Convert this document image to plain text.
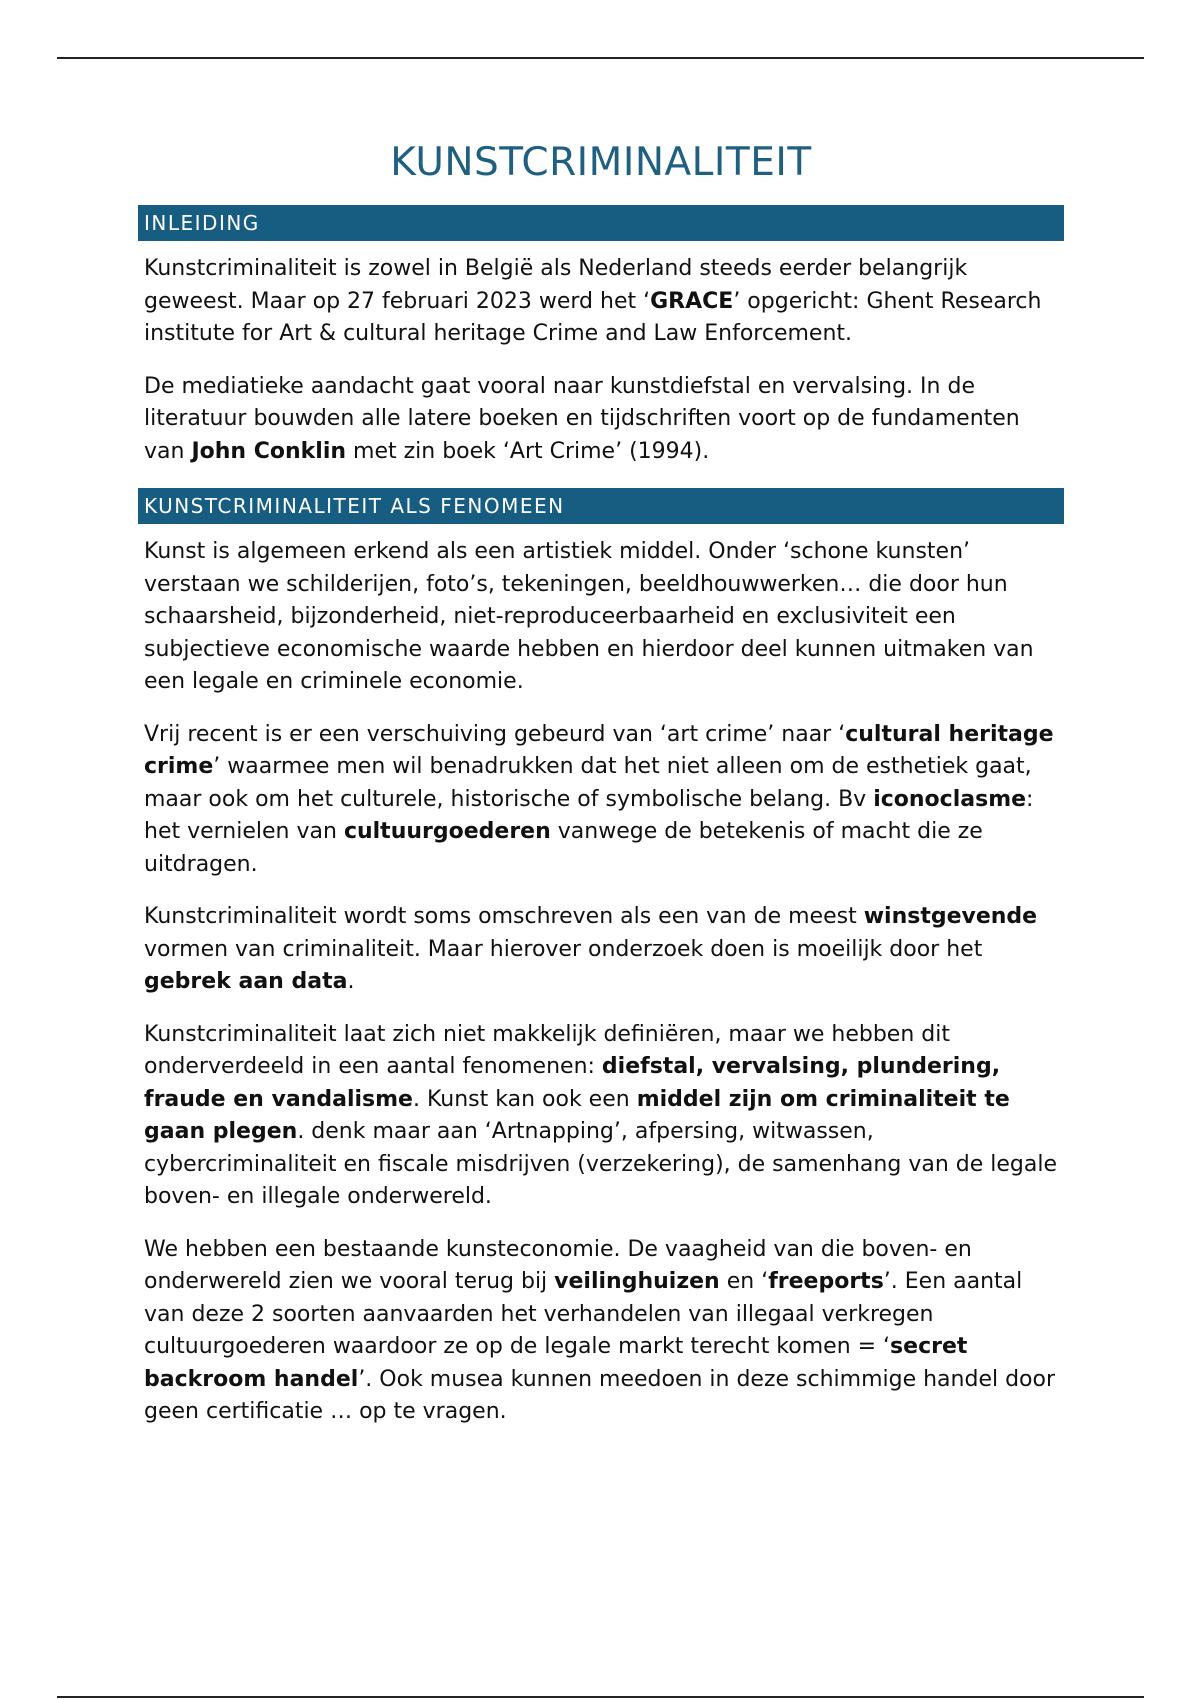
KUNSTCRIMINALITEIT
INLEIDING

Kunstcriminaliteit is zowel in België als Nederland steeds eerder belangrijk geweest. Maar op 27 februari 2023 werd het ‘GRACE’ opgericht: Ghent Research institute for Art & cultural heritage Crime and Law Enforcement.

De mediatieke aandacht gaat vooral naar kunstdiefstal en vervalsing. In de literatuur bouwden alle latere boeken en tijdschriften voort op de fundamenten van John Conklin met zin boek ‘Art Crime’ (1994).

KUNSTCRIMINALITEIT ALS FENOMEEN

Kunst is algemeen erkend als een artistiek middel. Onder ‘schone kunsten’ verstaan we schilderijen, foto’s, tekeningen, beeldhouwwerken… die door hun schaarsheid, bijzonderheid, niet-reproduceerbaarheid en exclusiviteit een subjectieve economische waarde hebben en hierdoor deel kunnen uitmaken van een legale en criminele economie.

Vrij recent is er een verschuiving gebeurd van ‘art crime’ naar ‘cultural heritage crime’ waarmee men wil benadrukken dat het niet alleen om de esthetiek gaat, maar ook om het culturele, historische of symbolische belang. Bv iconoclasme: het vernielen van cultuurgoederen vanwege de betekenis of macht die ze uitdragen.

Kunstcriminaliteit wordt soms omschreven als een van de meest winstgevende vormen van criminaliteit. Maar hierover onderzoek doen is moeilijk door het gebrek aan data.

Kunstcriminaliteit laat zich niet makkelijk definiëren, maar we hebben dit onderverdeeld in een aantal fenomenen: diefstal, vervalsing, plundering, fraude en vandalisme. Kunst kan ook een middel zijn om criminaliteit te gaan plegen. denk maar aan ‘Artnapping’, afpersing, witwassen, cybercriminaliteit en fiscale misdrijven (verzekering), de samenhang van de legale boven- en illegale onderwereld.

We hebben een bestaande kunsteconomie. De vaagheid van die boven- en onderwereld zien we vooral terug bij veilinghuizen en ‘freeports’. Een aantal van deze 2 soorten aanvaarden het verhandelen van illegaal verkregen cultuurgoederen waardoor ze op de legale markt terecht komen = ‘secret backroom handel’. Ook musea kunnen meedoen in deze schimmige handel door geen certificatie … op te vragen.
